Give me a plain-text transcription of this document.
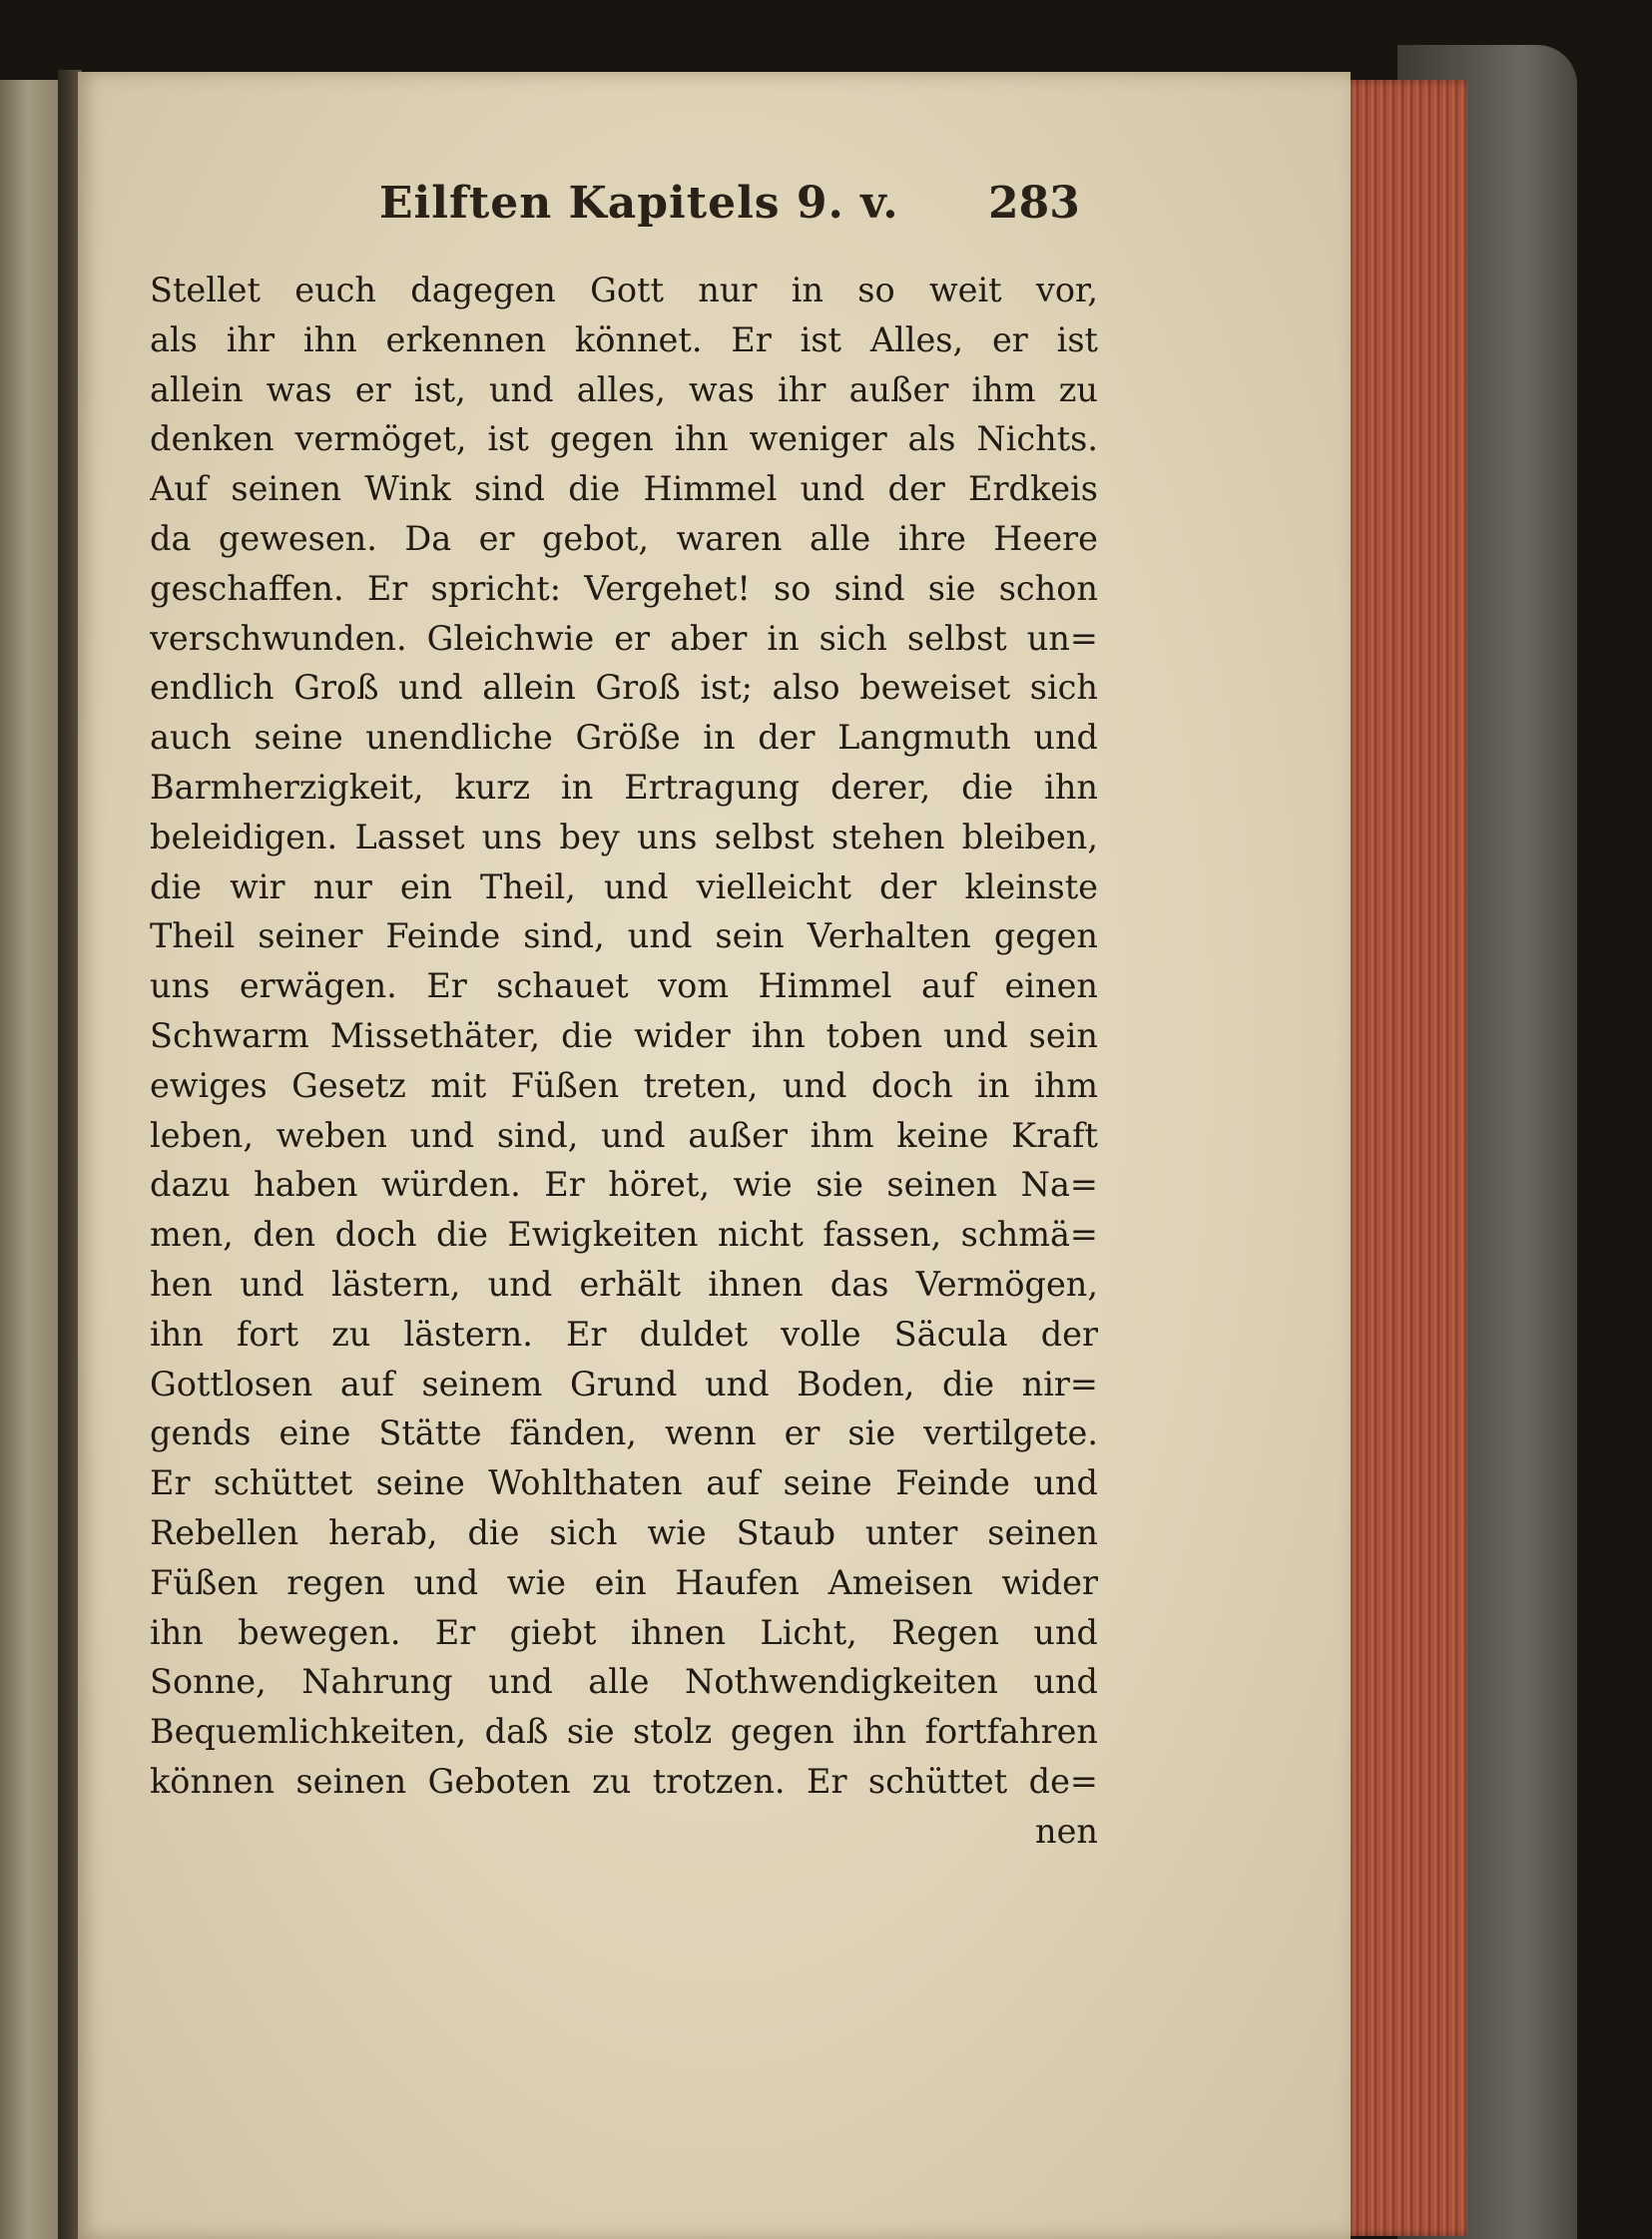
Eilften Kapitels 9. v. 283
Stellet euch dagegen Gott nur in so weit vor,
als ihr ihn erkennen könnet. Er ist Alles, er ist
allein was er ist, und alles, was ihr außer ihm zu
denken vermöget, ist gegen ihn weniger als Nichts.
Auf seinen Wink sind die Himmel und der Erdkeis
da gewesen. Da er gebot, waren alle ihre Heere
geschaffen. Er spricht: Vergehet! so sind sie schon
verschwunden. Gleichwie er aber in sich selbst un=
endlich Groß und allein Groß ist; also beweiset sich
auch seine unendliche Größe in der Langmuth und
Barmherzigkeit, kurz in Ertragung derer, die ihn
beleidigen. Lasset uns bey uns selbst stehen bleiben,
die wir nur ein Theil, und vielleicht der kleinste
Theil seiner Feinde sind, und sein Verhalten gegen
uns erwägen. Er schauet vom Himmel auf einen
Schwarm Missethäter, die wider ihn toben und sein
ewiges Gesetz mit Füßen treten, und doch in ihm
leben, weben und sind, und außer ihm keine Kraft
dazu haben würden. Er höret, wie sie seinen Na=
men, den doch die Ewigkeiten nicht fassen, schmä=
hen und lästern, und erhält ihnen das Vermögen,
ihn fort zu lästern. Er duldet volle Säcula der
Gottlosen auf seinem Grund und Boden, die nir=
gends eine Stätte fänden, wenn er sie vertilgete.
Er schüttet seine Wohlthaten auf seine Feinde und
Rebellen herab, die sich wie Staub unter seinen
Füßen regen und wie ein Haufen Ameisen wider
ihn bewegen. Er giebt ihnen Licht, Regen und
Sonne, Nahrung und alle Nothwendigkeiten und
Bequemlichkeiten, daß sie stolz gegen ihn fortfahren
können seinen Geboten zu trotzen. Er schüttet de=
nen
